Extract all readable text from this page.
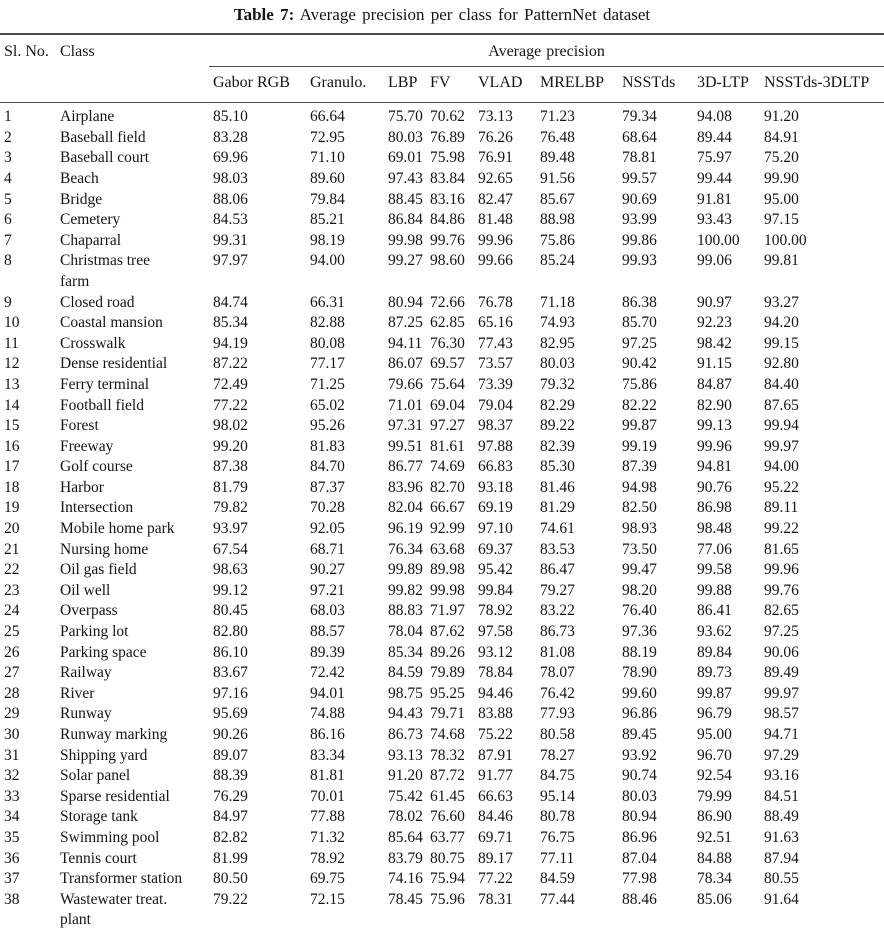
Table 7: Average precision per class for PatternNet dataset
Sl. No.	Class	Average precision								
		Gabor RGB	Granulo.	LBP	FV	VLAD	MRELBP	NSSTds	3D-LTP	NSSTds-3DLTP
1	Airplane	85.10	66.64	75.70	70.62	73.13	71.23	79.34	94.08	91.20
2	Baseball field	83.28	72.95	80.03	76.89	76.26	76.48	68.64	89.44	84.91
3	Baseball court	69.96	71.10	69.01	75.98	76.91	89.48	78.81	75.97	75.20
4	Beach	98.03	89.60	97.43	83.84	92.65	91.56	99.57	99.44	99.90
5	Bridge	88.06	79.84	88.45	83.16	82.47	85.67	90.69	91.81	95.00
6	Cemetery	84.53	85.21	86.84	84.86	81.48	88.98	93.99	93.43	97.15
7	Chaparral	99.31	98.19	99.98	99.76	99.96	75.86	99.86	100.00	100.00
8	Christmas tree
farm	97.97	94.00	99.27	98.60	99.66	85.24	99.93	99.06	99.81
9	Closed road	84.74	66.31	80.94	72.66	76.78	71.18	86.38	90.97	93.27
10	Coastal mansion	85.34	82.88	87.25	62.85	65.16	74.93	85.70	92.23	94.20
11	Crosswalk	94.19	80.08	94.11	76.30	77.43	82.95	97.25	98.42	99.15
12	Dense residential	87.22	77.17	86.07	69.57	73.57	80.03	90.42	91.15	92.80
13	Ferry terminal	72.49	71.25	79.66	75.64	73.39	79.32	75.86	84.87	84.40
14	Football field	77.22	65.02	71.01	69.04	79.04	82.29	82.22	82.90	87.65
15	Forest	98.02	95.26	97.31	97.27	98.37	89.22	99.87	99.13	99.94
16	Freeway	99.20	81.83	99.51	81.61	97.88	82.39	99.19	99.96	99.97
17	Golf course	87.38	84.70	86.77	74.69	66.83	85.30	87.39	94.81	94.00
18	Harbor	81.79	87.37	83.96	82.70	93.18	81.46	94.98	90.76	95.22
19	Intersection	79.82	70.28	82.04	66.67	69.19	81.29	82.50	86.98	89.11
20	Mobile home park	93.97	92.05	96.19	92.99	97.10	74.61	98.93	98.48	99.22
21	Nursing home	67.54	68.71	76.34	63.68	69.37	83.53	73.50	77.06	81.65
22	Oil gas field	98.63	90.27	99.89	89.98	95.42	86.47	99.47	99.58	99.96
23	Oil well	99.12	97.21	99.82	99.98	99.84	79.27	98.20	99.88	99.76
24	Overpass	80.45	68.03	88.83	71.97	78.92	83.22	76.40	86.41	82.65
25	Parking lot	82.80	88.57	78.04	87.62	97.58	86.73	97.36	93.62	97.25
26	Parking space	86.10	89.39	85.34	89.26	93.12	81.08	88.19	89.84	90.06
27	Railway	83.67	72.42	84.59	79.89	78.84	78.07	78.90	89.73	89.49
28	River	97.16	94.01	98.75	95.25	94.46	76.42	99.60	99.87	99.97
29	Runway	95.69	74.88	94.43	79.71	83.88	77.93	96.86	96.79	98.57
30	Runway marking	90.26	86.16	86.73	74.68	75.22	80.58	89.45	95.00	94.71
31	Shipping yard	89.07	83.34	93.13	78.32	87.91	78.27	93.92	96.70	97.29
32	Solar panel	88.39	81.81	91.20	87.72	91.77	84.75	90.74	92.54	93.16
33	Sparse residential	76.29	70.01	75.42	61.45	66.63	95.14	80.03	79.99	84.51
34	Storage tank	84.97	77.88	78.02	76.60	84.46	80.78	80.94	86.90	88.49
35	Swimming pool	82.82	71.32	85.64	63.77	69.71	76.75	86.96	92.51	91.63
36	Tennis court	81.99	78.92	83.79	80.75	89.17	77.11	87.04	84.88	87.94
37	Transformer station	80.50	69.75	74.16	75.94	77.22	84.59	77.98	78.34	80.55
38	Wastewater treat.
plant	79.22	72.15	78.45	75.96	78.31	77.44	88.46	85.06	91.64
